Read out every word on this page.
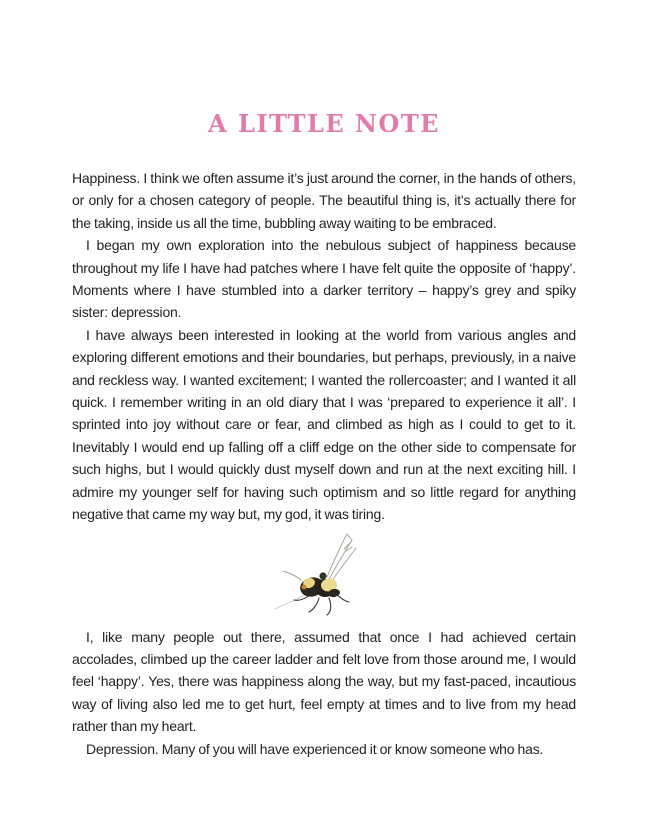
A LITTLE NOTE

Happiness. I think we often assume it’s just around the corner, in the hands of others, or only for a chosen category of people. The beautiful thing is, it’s actually there for the taking, inside us all the time, bubbling away waiting to be embraced.

I began my own exploration into the nebulous subject of happiness because throughout my life I have had patches where I have felt quite the opposite of ‘happy’. Moments where I have stumbled into a darker territory – happy’s grey and spiky sister: depression.

I have always been interested in looking at the world from various angles and exploring different emotions and their boundaries, but perhaps, previously, in a naive and reckless way. I wanted excitement; I wanted the rollercoaster; and I wanted it all quick. I remember writing in an old diary that I was ‘prepared to experience it all’. I sprinted into joy without care or fear, and climbed as high as I could to get to it. Inevitably I would end up falling off a cliff edge on the other side to compensate for such highs, but I would quickly dust myself down and run at the next exciting hill. I admire my younger self for having such optimism and so little regard for anything negative that came my way but, my god, it was tiring.

I, like many people out there, assumed that once I had achieved certain accolades, climbed up the career ladder and felt love from those around me, I would feel ‘happy’. Yes, there was happiness along the way, but my fast-paced, incautious way of living also led me to get hurt, feel empty at times and to live from my head rather than my heart.

Depression. Many of you will have experienced it or know someone who has.
